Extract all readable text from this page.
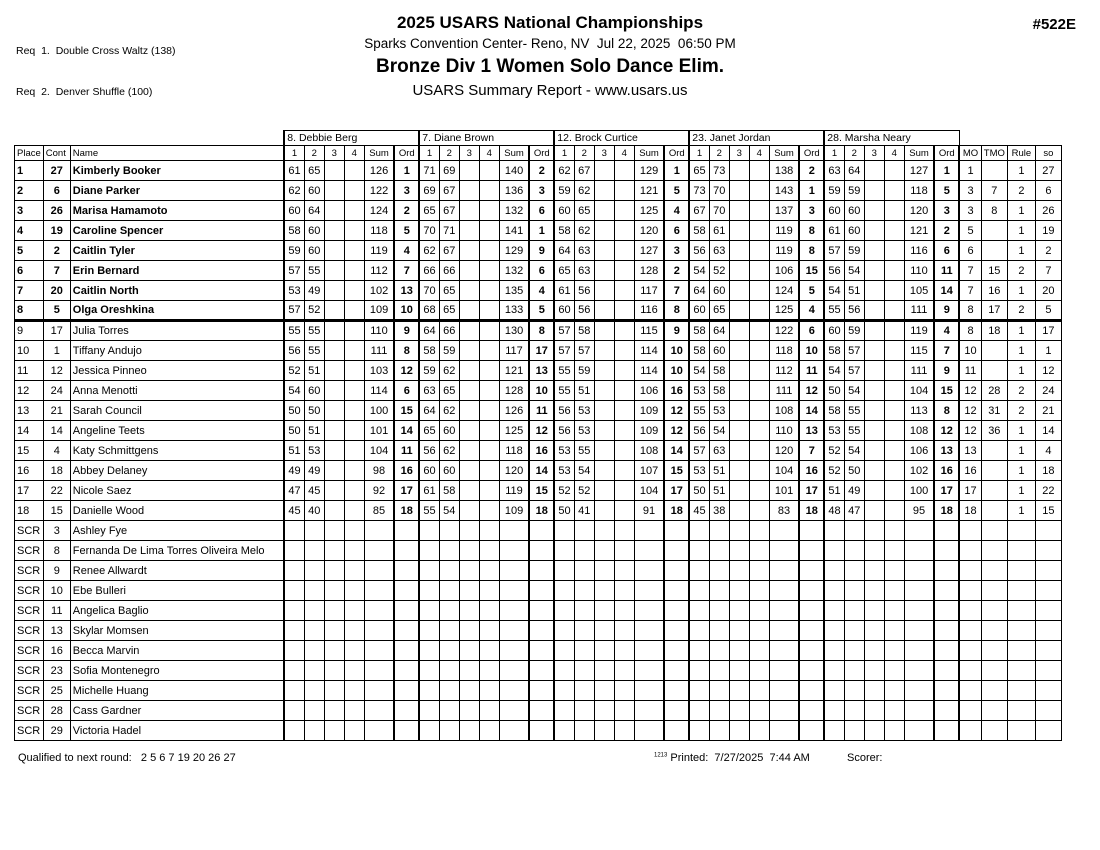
Req  1.  Double Cross Waltz (138)

Req  2.  Denver Shuffle (100)

2025 USARS National Championships
Sparks Convention Center- Reno, NV  Jul 22, 2025  06:50 PM
Bronze Div 1 Women Solo Dance Elim.
USARS Summary Report - www.usars.us
#522E
			8. Debbie Berg						7. Diane Brown						12. Brock Curtice						23. Janet Jordan						28. Marsha Neary									
Place	Cont	Name	1	2	3	4	Sum	Ord	1	2	3	4	Sum	Ord	1	2	3	4	Sum	Ord	1	2	3	4	Sum	Ord	1	2	3	4	Sum	Ord	MO	TMO	Rule	so
1	27	Kimberly Booker	61	65			126	1	71	69			140	2	62	67			129	1	65	73			138	2	63	64			127	1	1		1	27
2	6	Diane Parker	62	60			122	3	69	67			136	3	59	62			121	5	73	70			143	1	59	59			118	5	3	7	2	6
3	26	Marisa Hamamoto	60	64			124	2	65	67			132	6	60	65			125	4	67	70			137	3	60	60			120	3	3	8	1	26
4	19	Caroline Spencer	58	60			118	5	70	71			141	1	58	62			120	6	58	61			119	8	61	60			121	2	5		1	19
5	2	Caitlin Tyler	59	60			119	4	62	67			129	9	64	63			127	3	56	63			119	8	57	59			116	6	6		1	2
6	7	Erin Bernard	57	55			112	7	66	66			132	6	65	63			128	2	54	52			106	15	56	54			110	11	7	15	2	7
7	20	Caitlin North	53	49			102	13	70	65			135	4	61	56			117	7	64	60			124	5	54	51			105	14	7	16	1	20
8	5	Olga Oreshkina	57	52			109	10	68	65			133	5	60	56			116	8	60	65			125	4	55	56			111	9	8	17	2	5
9	17	Julia Torres	55	55			110	9	64	66			130	8	57	58			115	9	58	64			122	6	60	59			119	4	8	18	1	17
10	1	Tiffany Andujo	56	55			111	8	58	59			117	17	57	57			114	10	58	60			118	10	58	57			115	7	10		1	1
11	12	Jessica Pinneo	52	51			103	12	59	62			121	13	55	59			114	10	54	58			112	11	54	57			111	9	11		1	12
12	24	Anna Menotti	54	60			114	6	63	65			128	10	55	51			106	16	53	58			111	12	50	54			104	15	12	28	2	24
13	21	Sarah Council	50	50			100	15	64	62			126	11	56	53			109	12	55	53			108	14	58	55			113	8	12	31	2	21
14	14	Angeline Teets	50	51			101	14	65	60			125	12	56	53			109	12	56	54			110	13	53	55			108	12	12	36	1	14
15	4	Katy Schmittgens	51	53			104	11	56	62			118	16	53	55			108	14	57	63			120	7	52	54			106	13	13		1	4
16	18	Abbey Delaney	49	49			98	16	60	60			120	14	53	54			107	15	53	51			104	16	52	50			102	16	16		1	18
17	22	Nicole Saez	47	45			92	17	61	58			119	15	52	52			104	17	50	51			101	17	51	49			100	17	17		1	22
18	15	Danielle Wood	45	40			85	18	55	54			109	18	50	41			91	18	45	38			83	18	48	47			95	18	18		1	15
SCR	3	Ashley Fye																																		
SCR	8	Fernanda De Lima Torres Oliveira Melo																																		
SCR	9	Renee Allwardt																																		
SCR	10	Ebe Bulleri																																		
SCR	11	Angelica Baglio																																		
SCR	13	Skylar Momsen																																		
SCR	16	Becca Marvin																																		
SCR	23	Sofia Montenegro																																		
SCR	25	Michelle Huang																																		
SCR	28	Cass Gardner																																		
SCR	29	Victoria Hadel																																		
Qualified to next round:   2 5 6 7 19 20 26 27	$^{1213}$ Printed:  7/27/2025  7:44 AM	Scorer:
